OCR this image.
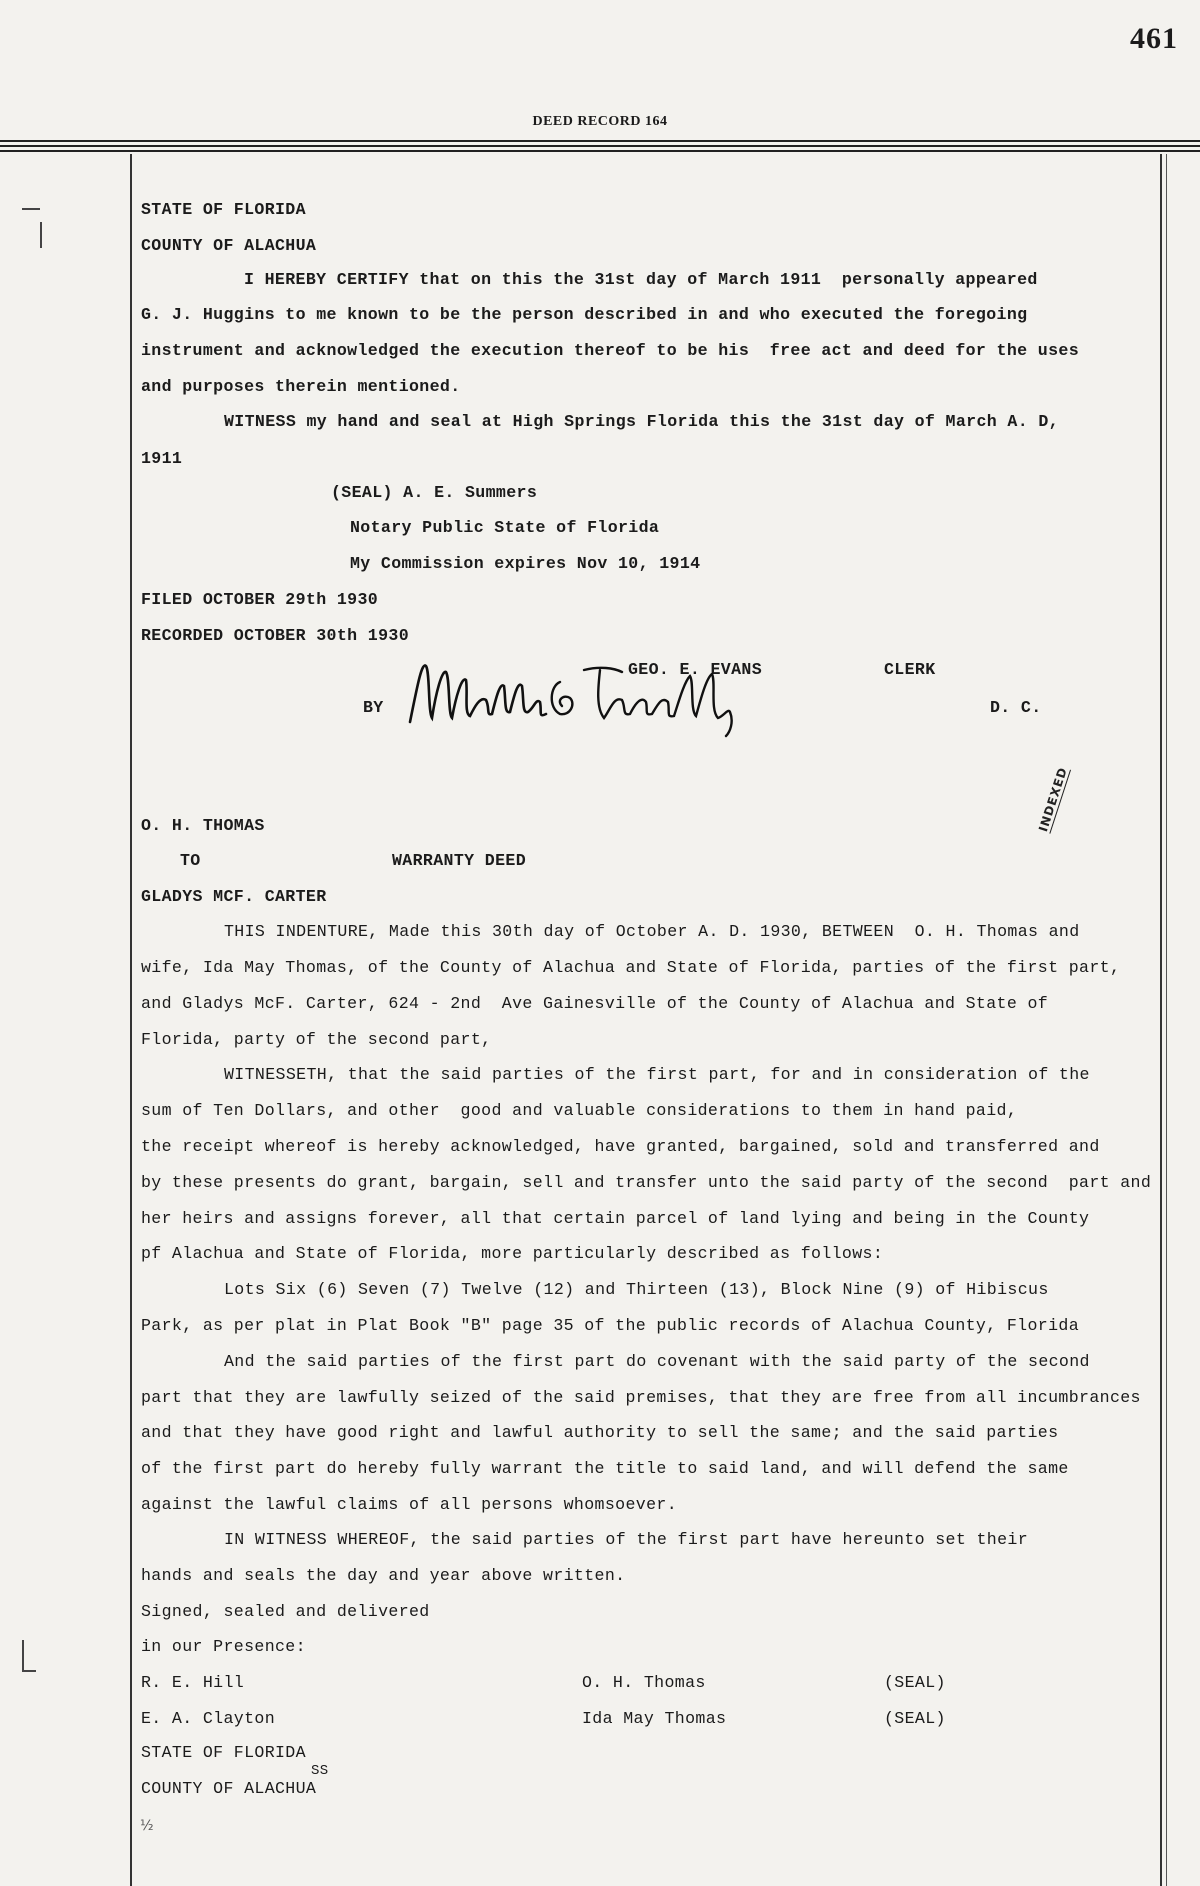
461
DEED RECORD 164
½
STATE OF FLORIDA
COUNTY OF ALACHUA
I HEREBY CERTIFY that on this the 31st day of March 1911  personally appeared
G. J. Huggins to me known to be the person described in and who executed the foregoing
instrument and acknowledged the execution thereof to be his  free act and deed for the uses
and purposes therein mentioned.
WITNESS my hand and seal at High Springs Florida this the 31st day of March A. D,
1911
(SEAL) A. E. Summers
Notary Public State of Florida
My Commission expires Nov 10, 1914
FILED OCTOBER 29th 1930
RECORDED OCTOBER 30th 1930
GEO. E. EVANS	CLERK
BY	D. C.
INDEXED
O. H. THOMAS
TO	WARRANTY DEED
GLADYS MCF. CARTER
THIS INDENTURE, Made this 30th day of October A. D. 1930, BETWEEN  O. H. Thomas and
wife, Ida May Thomas, of the County of Alachua and State of Florida, parties of the first part,
and Gladys McF. Carter, 624 - 2nd  Ave Gainesville of the County of Alachua and State of
Florida, party of the second part,
WITNESSETH, that the said parties of the first part, for and in consideration of the
sum of Ten Dollars, and other  good and valuable considerations to them in hand paid,
the receipt whereof is hereby acknowledged, have granted, bargained, sold and transferred and
by these presents do grant, bargain, sell and transfer unto the said party of the second  part and
her heirs and assigns forever, all that certain parcel of land lying and being in the County
pf Alachua and State of Florida, more particularly described as follows:
Lots Six (6) Seven (7) Twelve (12) and Thirteen (13), Block Nine (9) of Hibiscus
Park, as per plat in Plat Book "B" page 35 of the public records of Alachua County, Florida
And the said parties of the first part do covenant with the said party of the second
part that they are lawfully seized of the said premises, that they are free from all incumbrances
and that they have good right and lawful authority to sell the same; and the said parties
of the first part do hereby fully warrant the title to said land, and will defend the same
against the lawful claims of all persons whomsoever.
IN WITNESS WHEREOF, the said parties of the first part have hereunto set their
hands and seals the day and year above written.
Signed, sealed and delivered
in our Presence:
R. E. Hill	O. H. Thomas	(SEAL)
E. A. Clayton	Ida May Thomas	(SEAL)
STATE OF FLORIDA
SS
COUNTY OF ALACHUA
